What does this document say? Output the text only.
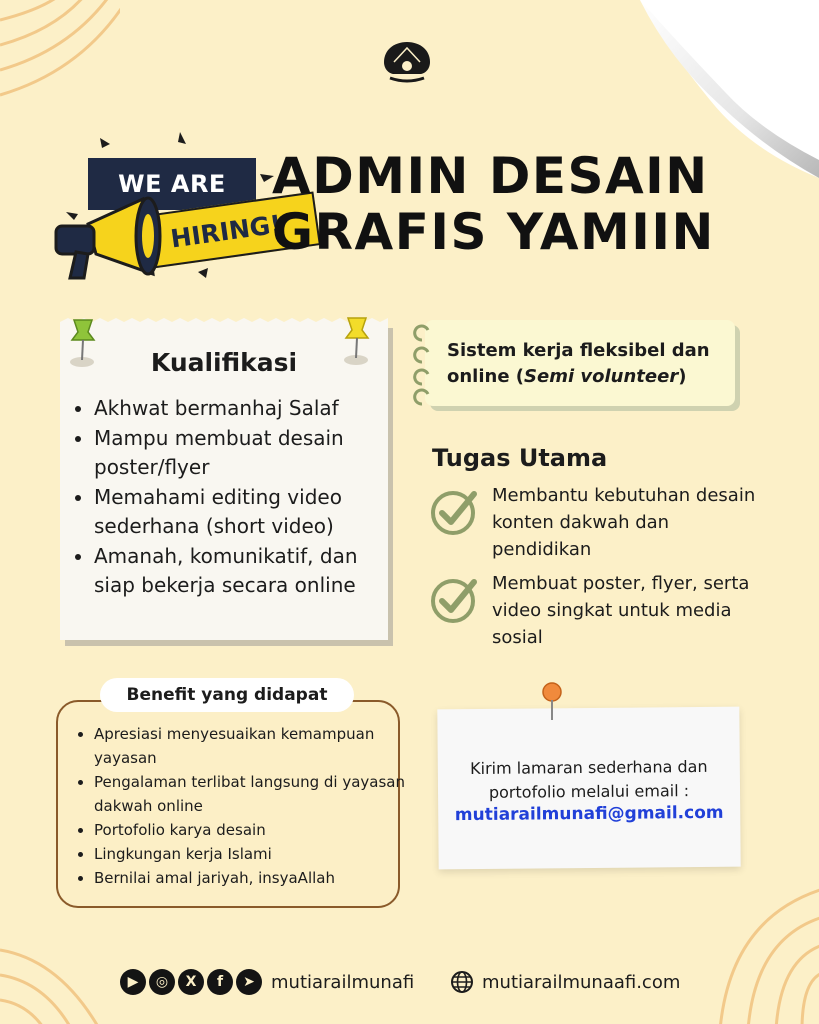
WE ARE
HIRING!
ADMIN DESAIN
GRAFIS YAMIIN
Kualifikasi
• Akhwat bermanhaj Salaf
• Mampu membuat desain poster/flyer
• Memahami editing video sederhana (short video)
• Amanah, komunikatif, dan siap bekerja secara online

Sistem kerja fleksibel dan online (Semi volunteer)

Tugas Utama

Membantu kebutuhan desain konten dakwah dan pendidikan

Membuat poster, flyer, serta video singkat untuk media sosial

• Apresiasi menyesuaikan kemampuan yayasan
• Pengalaman terlibat langsung di yayasan dakwah online
• Portofolio karya desain
• Lingkungan kerja Islami
• Bernilai amal jariyah, insyaAllah
Benefit yang didapat

Kirim lamaran sederhana dan portofolio melalui email :

mutiarailmunafi@gmail.com
▶	◎	X	f	➤ mutiarailmunafi	mutiarailmunaafi.com
